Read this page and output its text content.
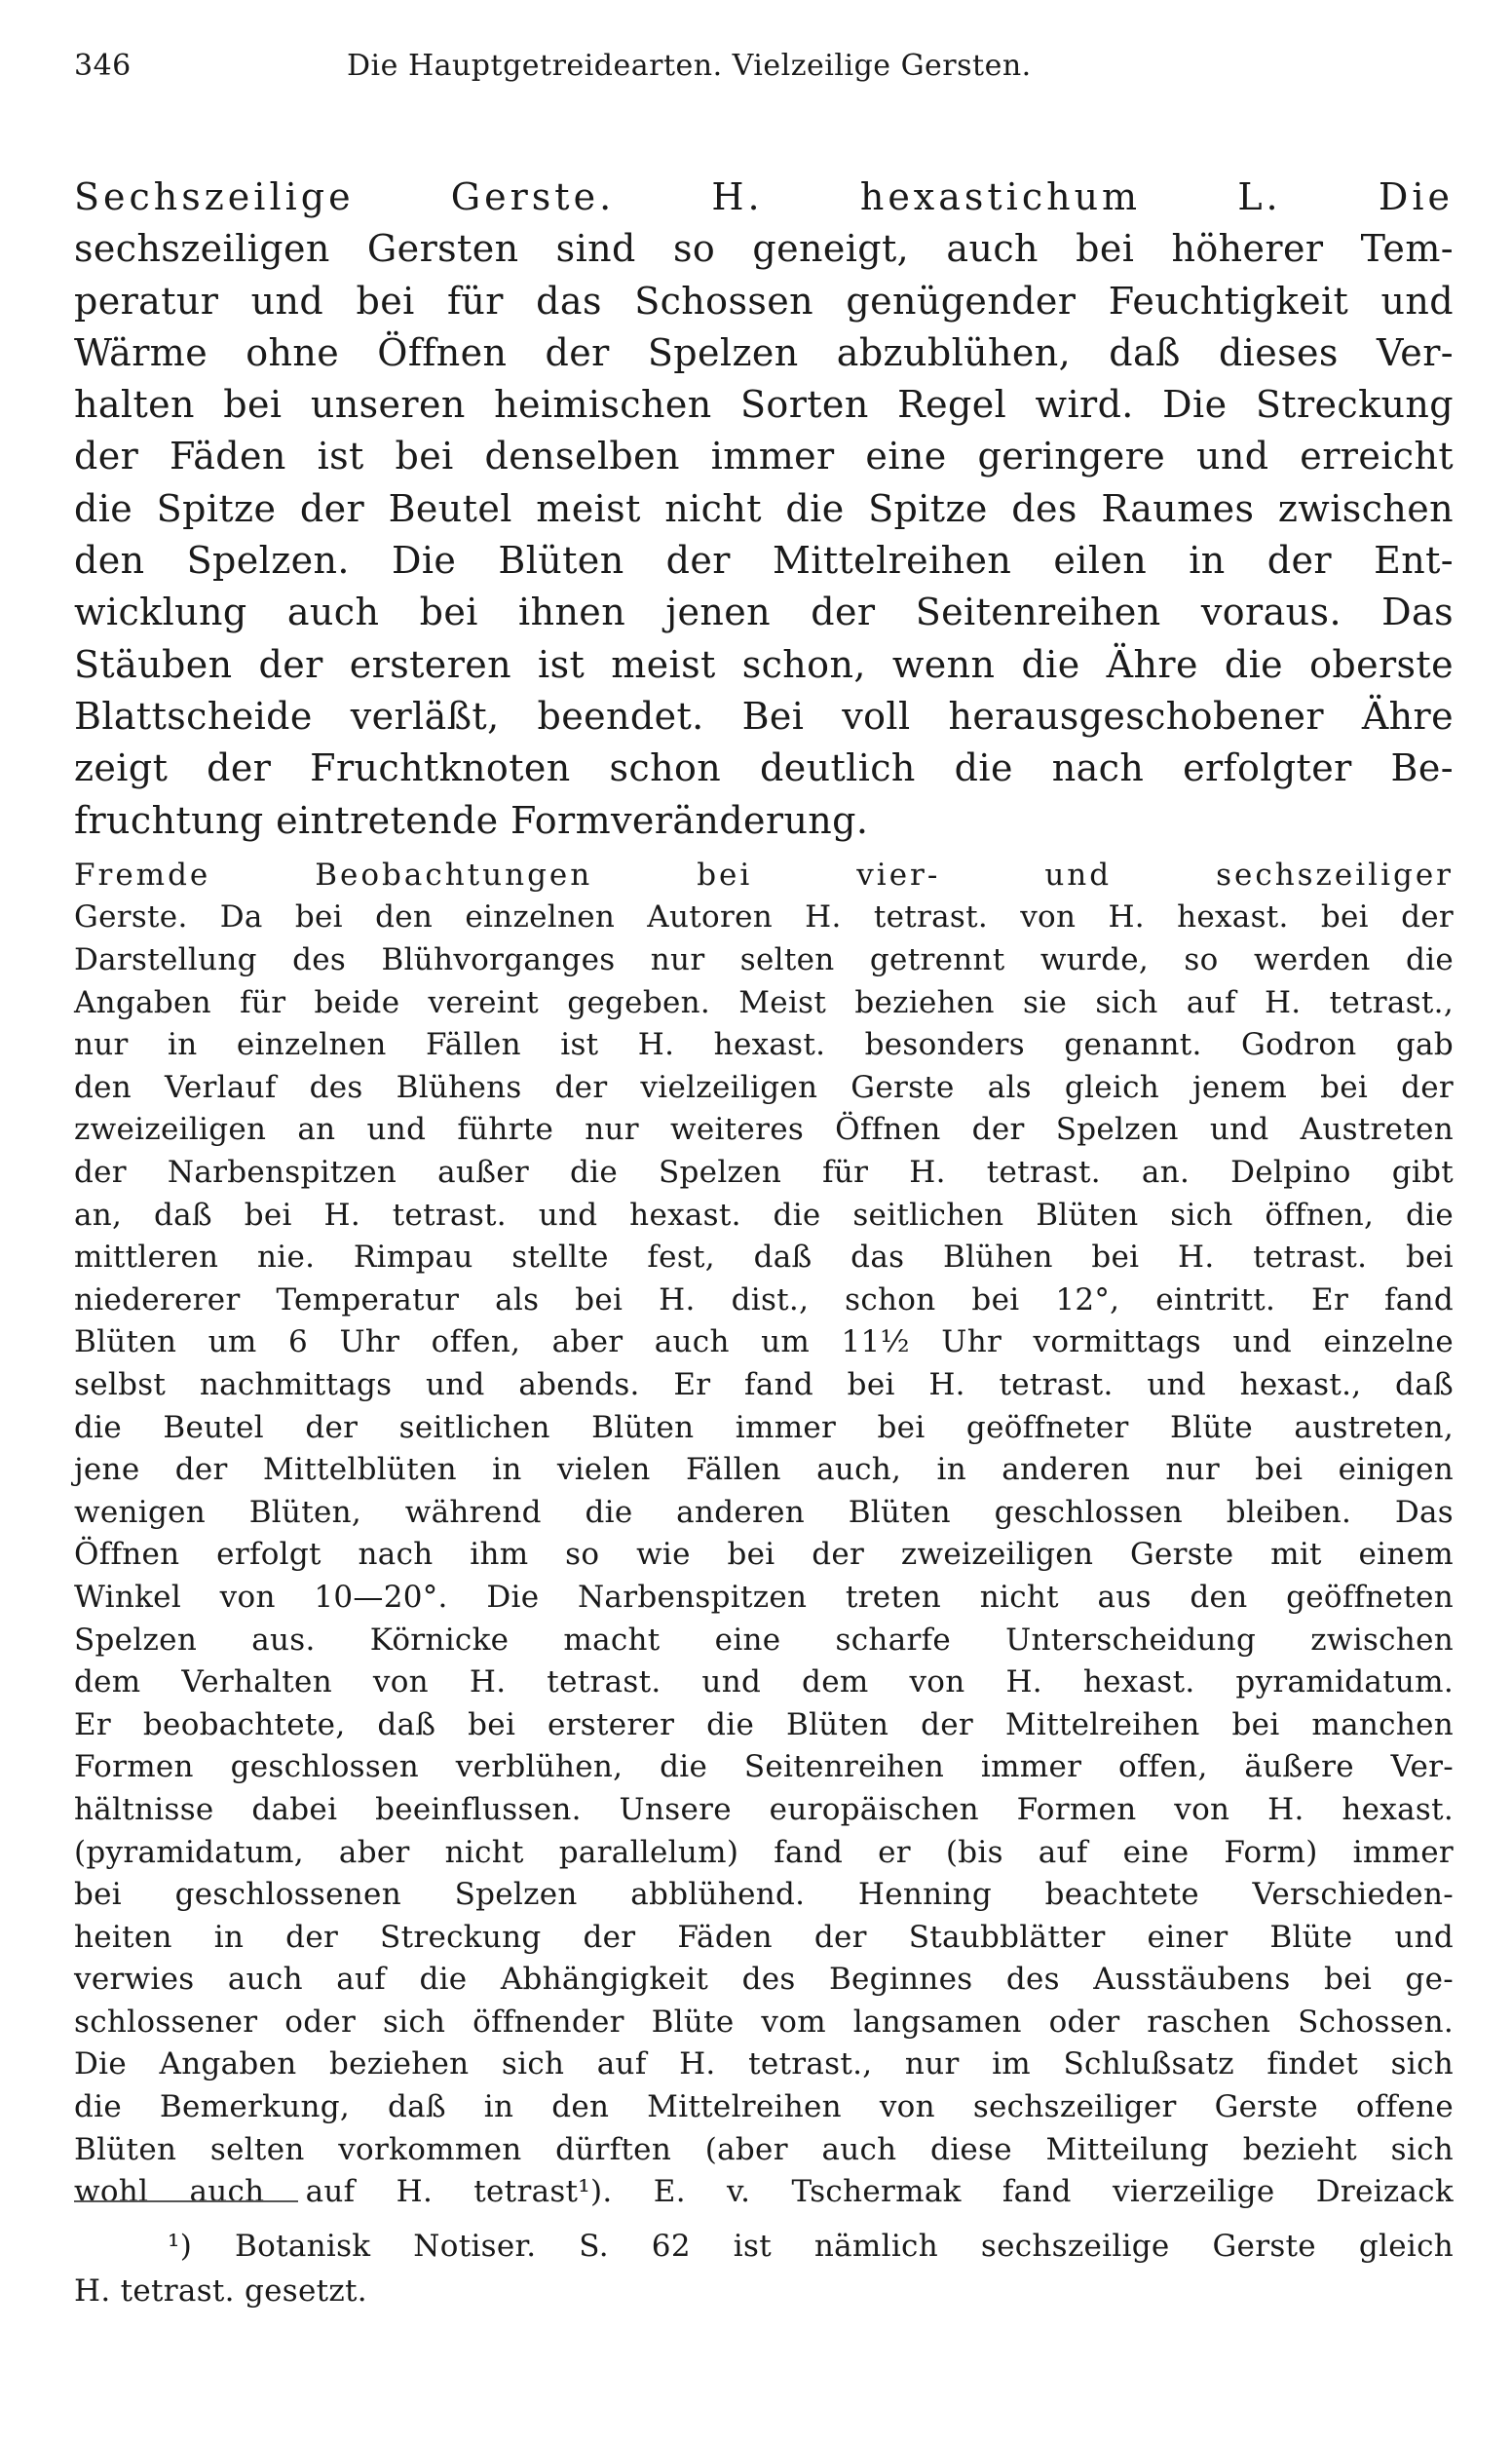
346	Die Hauptgetreidearten. Vielzeilige Gersten.
Sechszeilige Gerste. H. hexastichum L. Die
sechszeiligen Gersten sind so geneigt, auch bei höherer Tem-
peratur und bei für das Schossen genügender Feuchtigkeit und
Wärme ohne Öffnen der Spelzen abzublühen, daß dieses Ver-
halten bei unseren heimischen Sorten Regel wird. Die Streckung
der Fäden ist bei denselben immer eine geringere und erreicht
die Spitze der Beutel meist nicht die Spitze des Raumes zwischen
den Spelzen. Die Blüten der Mittelreihen eilen in der Ent-
wicklung auch bei ihnen jenen der Seitenreihen voraus. Das
Stäuben der ersteren ist meist schon, wenn die Ähre die oberste
Blattscheide verläßt, beendet. Bei voll herausgeschobener Ähre
zeigt der Fruchtknoten schon deutlich die nach erfolgter Be-
fruchtung eintretende Formveränderung.
Fremde Beobachtungen bei vier- und sechszeiliger
Gerste. Da bei den einzelnen Autoren H. tetrast. von H. hexast. bei der
Darstellung des Blühvorganges nur selten getrennt wurde, so werden die
Angaben für beide vereint gegeben. Meist beziehen sie sich auf H. tetrast.,
nur in einzelnen Fällen ist H. hexast. besonders genannt. Godron gab
den Verlauf des Blühens der vielzeiligen Gerste als gleich jenem bei der
zweizeiligen an und führte nur weiteres Öffnen der Spelzen und Austreten
der Narbenspitzen außer die Spelzen für H. tetrast. an. Delpino gibt
an, daß bei H. tetrast. und hexast. die seitlichen Blüten sich öffnen, die
mittleren nie. Rimpau stellte fest, daß das Blühen bei H. tetrast. bei
niedererer Temperatur als bei H. dist., schon bei 12°, eintritt. Er fand
Blüten um 6 Uhr offen, aber auch um 11½ Uhr vormittags und einzelne
selbst nachmittags und abends. Er fand bei H. tetrast. und hexast., daß
die Beutel der seitlichen Blüten immer bei geöffneter Blüte austreten,
jene der Mittelblüten in vielen Fällen auch, in anderen nur bei einigen
wenigen Blüten, während die anderen Blüten geschlossen bleiben. Das
Öffnen erfolgt nach ihm so wie bei der zweizeiligen Gerste mit einem
Winkel von 10—20°. Die Narbenspitzen treten nicht aus den geöffneten
Spelzen aus. Körnicke macht eine scharfe Unterscheidung zwischen
dem Verhalten von H. tetrast. und dem von H. hexast. pyramidatum.
Er beobachtete, daß bei ersterer die Blüten der Mittelreihen bei manchen
Formen geschlossen verblühen, die Seitenreihen immer offen, äußere Ver-
hältnisse dabei beeinflussen. Unsere europäischen Formen von H. hexast.
(pyramidatum, aber nicht parallelum) fand er (bis auf eine Form) immer
bei geschlossenen Spelzen abblühend. Henning beachtete Verschieden-
heiten in der Streckung der Fäden der Staubblätter einer Blüte und
verwies auch auf die Abhängigkeit des Beginnes des Ausstäubens bei ge-
schlossener oder sich öffnender Blüte vom langsamen oder raschen Schossen.
Die Angaben beziehen sich auf H. tetrast., nur im Schlußsatz findet sich
die Bemerkung, daß in den Mittelreihen von sechszeiliger Gerste offene
Blüten selten vorkommen dürften (aber auch diese Mitteilung bezieht sich
wohl auch auf H. tetrast¹). E. v. Tschermak fand vierzeilige Dreizack
¹) Botanisk Notiser. S. 62 ist nämlich sechszeilige Gerste gleich
H. tetrast. gesetzt.
